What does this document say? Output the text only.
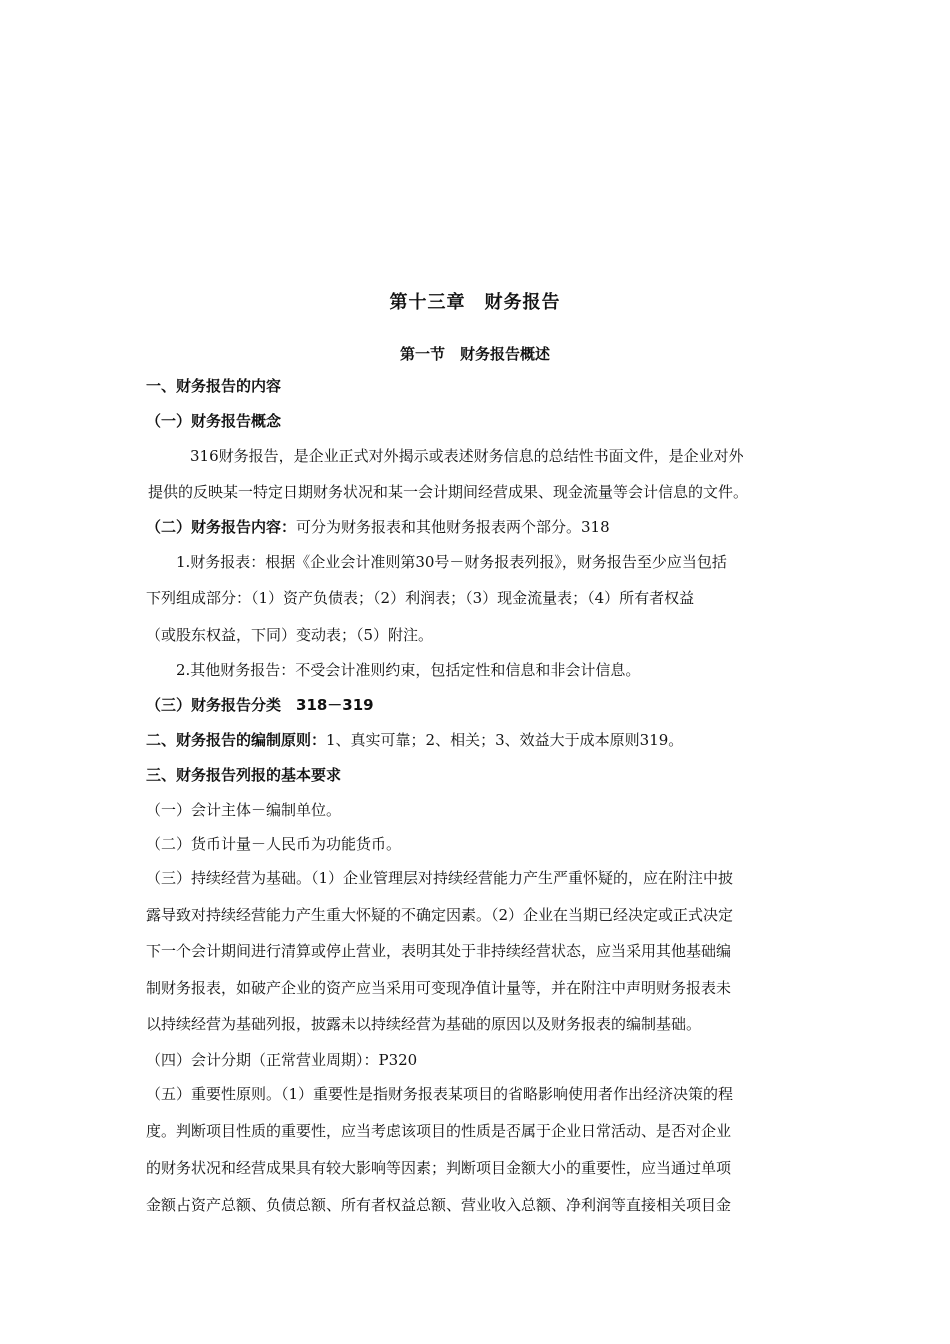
第十三章　财务报告
第一节　财务报告概述
一、财务报告的内容
（一）财务报告概念
316财务报告，是企业正式对外揭示或表述财务信息的总结性书面文件，是企业对外
提供的反映某一特定日期财务状况和某一会计期间经营成果、现金流量等会计信息的文件。
（二）财务报告内容：可分为财务报表和其他财务报表两个部分。318
1.财务报表：根据《企业会计准则第30号－财务报表列报》，财务报告至少应当包括
下列组成部分：（1）资产负债表；（2）利润表；（3）现金流量表；（4）所有者权益
（或股东权益，下同）变动表；（5）附注。
2.其他财务报告：不受会计准则约束，包括定性和信息和非会计信息。
（三）财务报告分类　318－319
二、财务报告的编制原则：1、真实可靠；2、相关；3、效益大于成本原则319。
三、财务报告列报的基本要求
（一）会计主体－编制单位。
（二）货币计量－人民币为功能货币。
（三）持续经营为基础。（1）企业管理层对持续经营能力产生严重怀疑的，应在附注中披
露导致对持续经营能力产生重大怀疑的不确定因素。（2）企业在当期已经决定或正式决定
下一个会计期间进行清算或停止营业，表明其处于非持续经营状态，应当采用其他基础编
制财务报表，如破产企业的资产应当采用可变现净值计量等，并在附注中声明财务报表未
以持续经营为基础列报，披露未以持续经营为基础的原因以及财务报表的编制基础。
（四）会计分期（正常营业周期）：P320
（五）重要性原则。（1）重要性是指财务报表某项目的省略影响使用者作出经济决策的程
度。判断项目性质的重要性，应当考虑该项目的性质是否属于企业日常活动、是否对企业
的财务状况和经营成果具有较大影响等因素；判断项目金额大小的重要性，应当通过单项
金额占资产总额、负债总额、所有者权益总额、营业收入总额、净利润等直接相关项目金
